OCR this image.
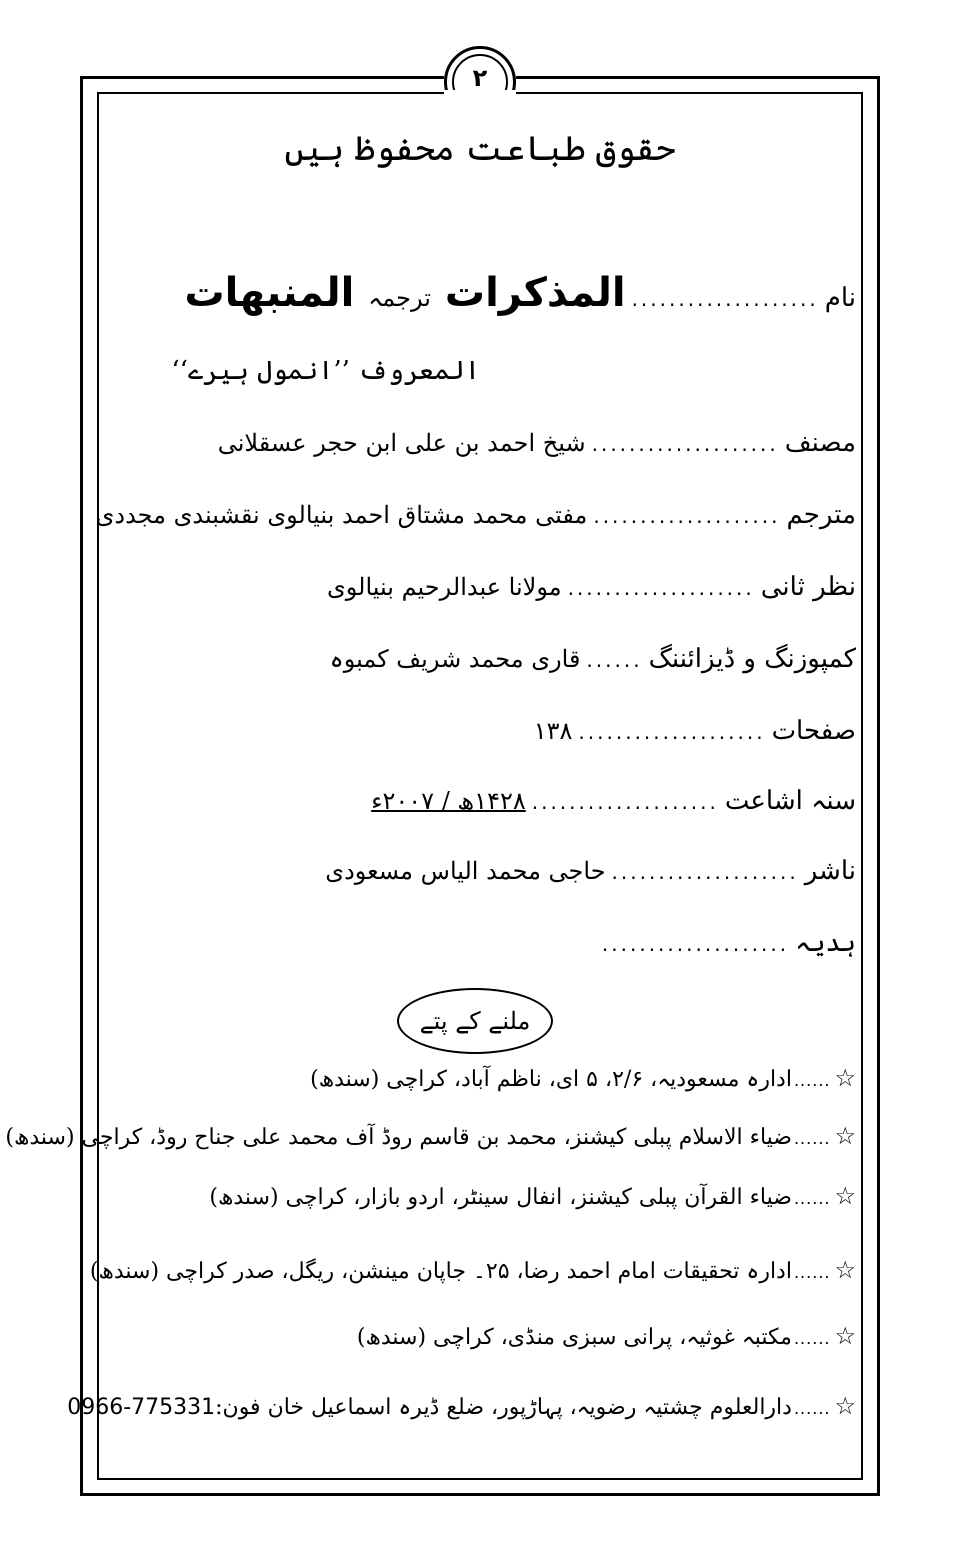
۲
حقوق طباعت محفوظ ہیں
نام
....................
المذكرات ترجمہ المنبهات
المعروف ’’انمول ہیرے‘‘
مصنف
....................
شیخ احمد بن علی ابن حجر عسقلانی
مترجم
....................
مفتی محمد مشتاق احمد بنیالوی نقشبندی مجددی
نظر ثانی
....................
مولانا عبدالرحیم بنیالوی
کمپوزنگ و ڈیزائننگ
......
قاری محمد شریف کمبوہ
صفحات
....................
۱۳۸
سنہ اشاعت
....................
۱۴۲۸ھ / ۲۰۰۷ء
ناشر
....................
حاجی محمد الیاس مسعودی
ہدیہ
....................
ملنے کے پتے
☆
......
ادارہ مسعودیہ، ۲/۶، ۵ ای، ناظم آباد، کراچی (سندھ)
☆
......
ضیاء الاسلام پبلی کیشنز، محمد بن قاسم روڈ آف محمد علی جناح روڈ، کراچی (سندھ)
☆
......
ضیاء القرآن پبلی کیشنز، انفال سینٹر، اردو بازار، کراچی (سندھ)
☆
......
ادارہ تحقیقات امام احمد رضا، ۲۵۔ جاپان مینشن، ریگل، صدر کراچی (سندھ)
☆
......
مکتبہ غوثیہ، پرانی سبزی منڈی، کراچی (سندھ)
☆
......
دارالعلوم چشتیہ رضویہ، پہاڑپور، ضلع ڈیرہ اسماعیل خان فون:
0966-775331
